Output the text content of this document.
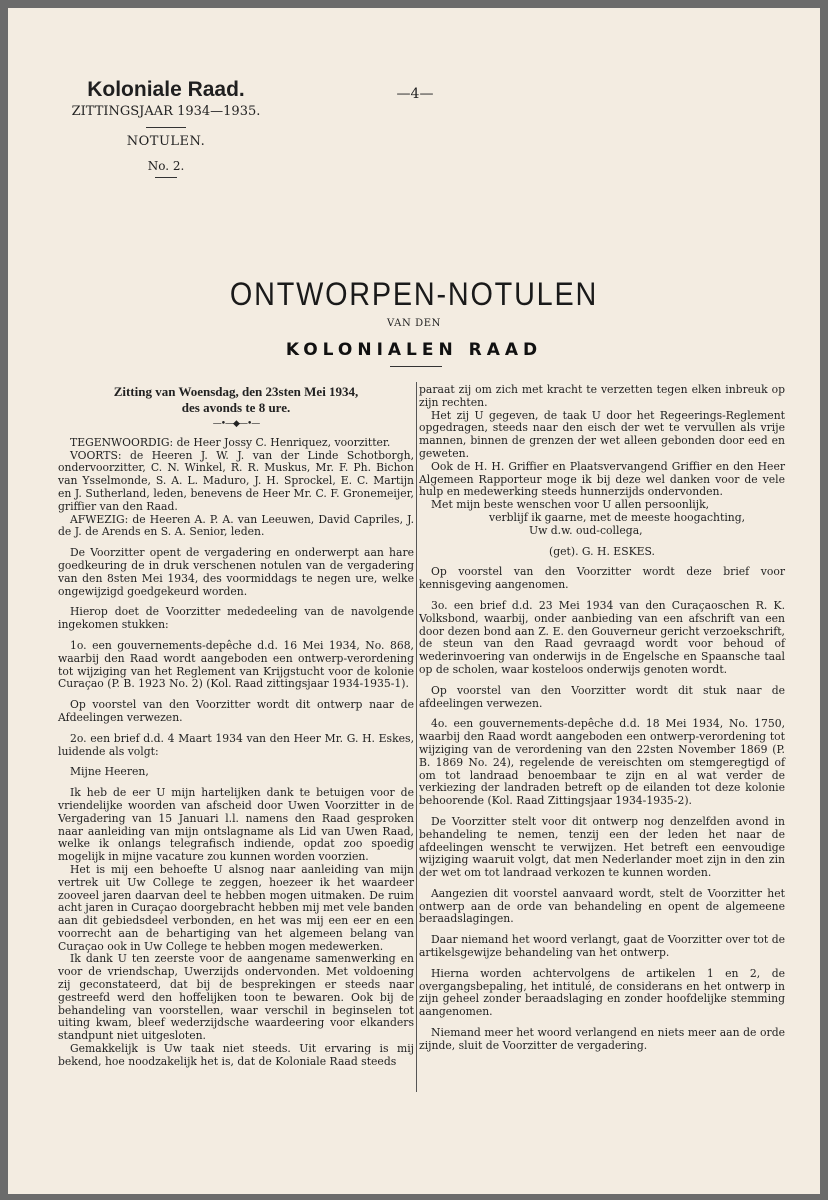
Koloniale Raad.
ZITTINGSJAAR 1934—1935.
NOTULEN.
No. 2.
—4—
ONTWORPEN-NOTULEN
VAN DEN
KOLONIALEN RAAD
Zitting van Woensdag, den 23sten Mei 1934,
des avonds te 8 ure.
—•—◆—•—

TEGENWOORDIG: de Heer Jossy C. Henriquez, voorzitter.

VOORTS: de Heeren J. W. J. van der Linde Schotborgh, ondervoorzitter, C. N. Winkel, R. R. Muskus, Mr. F. Ph. Bichon van Ysselmonde, S. A. L. Maduro, J. H. Sprockel, E. C. Martijn en J. Sutherland, leden, benevens de Heer Mr. C. F. Gronemeijer, griffier van den Raad.

AFWEZIG: de Heeren A. P. A. van Leeuwen, David Capriles, J. de J. de Arends en S. A. Senior, leden.

De Voorzitter opent de vergadering en onderwerpt aan hare goedkeuring de in druk verschenen notulen van de vergadering van den 8sten Mei 1934, des voormiddags te negen ure, welke ongewijzigd goedgekeurd worden.

Hierop doet de Voorzitter mededeeling van de navolgende ingekomen stukken:

1o. een gouvernements-depêche d.d. 16 Mei 1934, No. 868, waarbij den Raad wordt aangeboden een ontwerp-verordening tot wijziging van het Reglement van Krijgstucht voor de kolonie Curaçao (P. B. 1923 No. 2) (Kol. Raad zittingsjaar 1934-1935-1).

Op voorstel van den Voorzitter wordt dit ontwerp naar de Afdeelingen verwezen.

2o. een brief d.d. 4 Maart 1934 van den Heer Mr. G. H. Eskes, luidende als volgt:

Mijne Heeren,

Ik heb de eer U mijn hartelijken dank te betuigen voor de vriendelijke woorden van afscheid door Uwen Voorzitter in de Vergadering van 15 Januari l.l. namens den Raad gesproken naar aanleiding van mijn ontslagname als Lid van Uwen Raad, welke ik onlangs telegrafisch indiende, opdat zoo spoedig mogelijk in mijne vacature zou kunnen worden voorzien.

Het is mij een behoefte U alsnog naar aanleiding van mijn vertrek uit Uw College te zeggen, hoezeer ik het waardeer zooveel jaren daarvan deel te hebben mogen uitmaken. De ruim acht jaren in Curaçao doorgebracht hebben mij met vele banden aan dit gebiedsdeel verbonden, en het was mij een eer en een voorrecht aan de behartiging van het algemeen belang van Curaçao ook in Uw College te hebben mogen medewerken.

Ik dank U ten zeerste voor de aangename samenwerking en voor de vriendschap, Uwerzijds ondervonden. Met voldoening zij geconstateerd, dat bij de besprekingen er steeds naar gestreefd werd den hoffelijken toon te bewaren. Ook bij de behandeling van voorstellen, waar verschil in beginselen tot uiting kwam, bleef wederzijdsche waardeering voor elkanders standpunt niet uitgesloten.

Gemakkelijk is Uw taak niet steeds. Uit ervaring is mij bekend, hoe noodzakelijk het is, dat de Koloniale Raad steeds

paraat zij om zich met kracht te verzetten tegen elken inbreuk op zijn rechten.

Het zij U gegeven, de taak U door het Regeerings-Reglement opgedragen, steeds naar den eisch der wet te vervullen als vrije mannen, binnen de grenzen der wet alleen gebonden door eed en geweten.

Ook de H. H. Griffier en Plaatsvervangend Griffier en den Heer Algemeen Rapporteur moge ik bij deze wel danken voor de vele hulp en medewerking steeds hunnerzijds ondervonden.

Met mijn beste wenschen voor U allen persoonlijk,

verblijf ik gaarne, met de meeste hoogachting,

Uw d.w. oud-collega,

(get). G. H. ESKES.

Op voorstel van den Voorzitter wordt deze brief voor kennisgeving aangenomen.

3o. een brief d.d. 23 Mei 1934 van den Curaçaoschen R. K. Volksbond, waarbij, onder aanbieding van een afschrift van een door dezen bond aan Z. E. den Gouverneur gericht verzoekschrift, de steun van den Raad gevraagd wordt voor behoud of wederinvoering van onderwijs in de Engelsche en Spaansche taal op de scholen, waar kosteloos onderwijs genoten wordt.

Op voorstel van den Voorzitter wordt dit stuk naar de afdeelingen verwezen.

4o. een gouvernements-depêche d.d. 18 Mei 1934, No. 1750, waarbij den Raad wordt aangeboden een ontwerp-verordening tot wijziging van de verordening van den 22sten November 1869 (P. B. 1869 No. 24), regelende de vereischten om stemgeregtigd of om tot landraad benoembaar te zijn en al wat verder de verkiezing der landraden betreft op de eilanden tot deze kolonie behoorende (Kol. Raad Zittingsjaar 1934-1935-2).

De Voorzitter stelt voor dit ontwerp nog denzelfden avond in behandeling te nemen, tenzij een der leden het naar de afdeelingen wenscht te verwijzen. Het betreft een eenvoudige wijziging waaruit volgt, dat men Nederlander moet zijn in den zin der wet om tot landraad verkozen te kunnen worden.

Aangezien dit voorstel aanvaard wordt, stelt de Voorzitter het ontwerp aan de orde van behandeling en opent de algemeene beraadslagingen.

Daar niemand het woord verlangt, gaat de Voorzitter over tot de artikelsgewijze behandeling van het ontwerp.

Hierna worden achtervolgens de artikelen 1 en 2, de overgangsbepaling, het intitulé, de considerans en het ontwerp in zijn geheel zonder beraadslaging en zonder hoofdelijke stemming aangenomen.

Niemand meer het woord verlangend en niets meer aan de orde zijnde, sluit de Voorzitter de vergadering.
